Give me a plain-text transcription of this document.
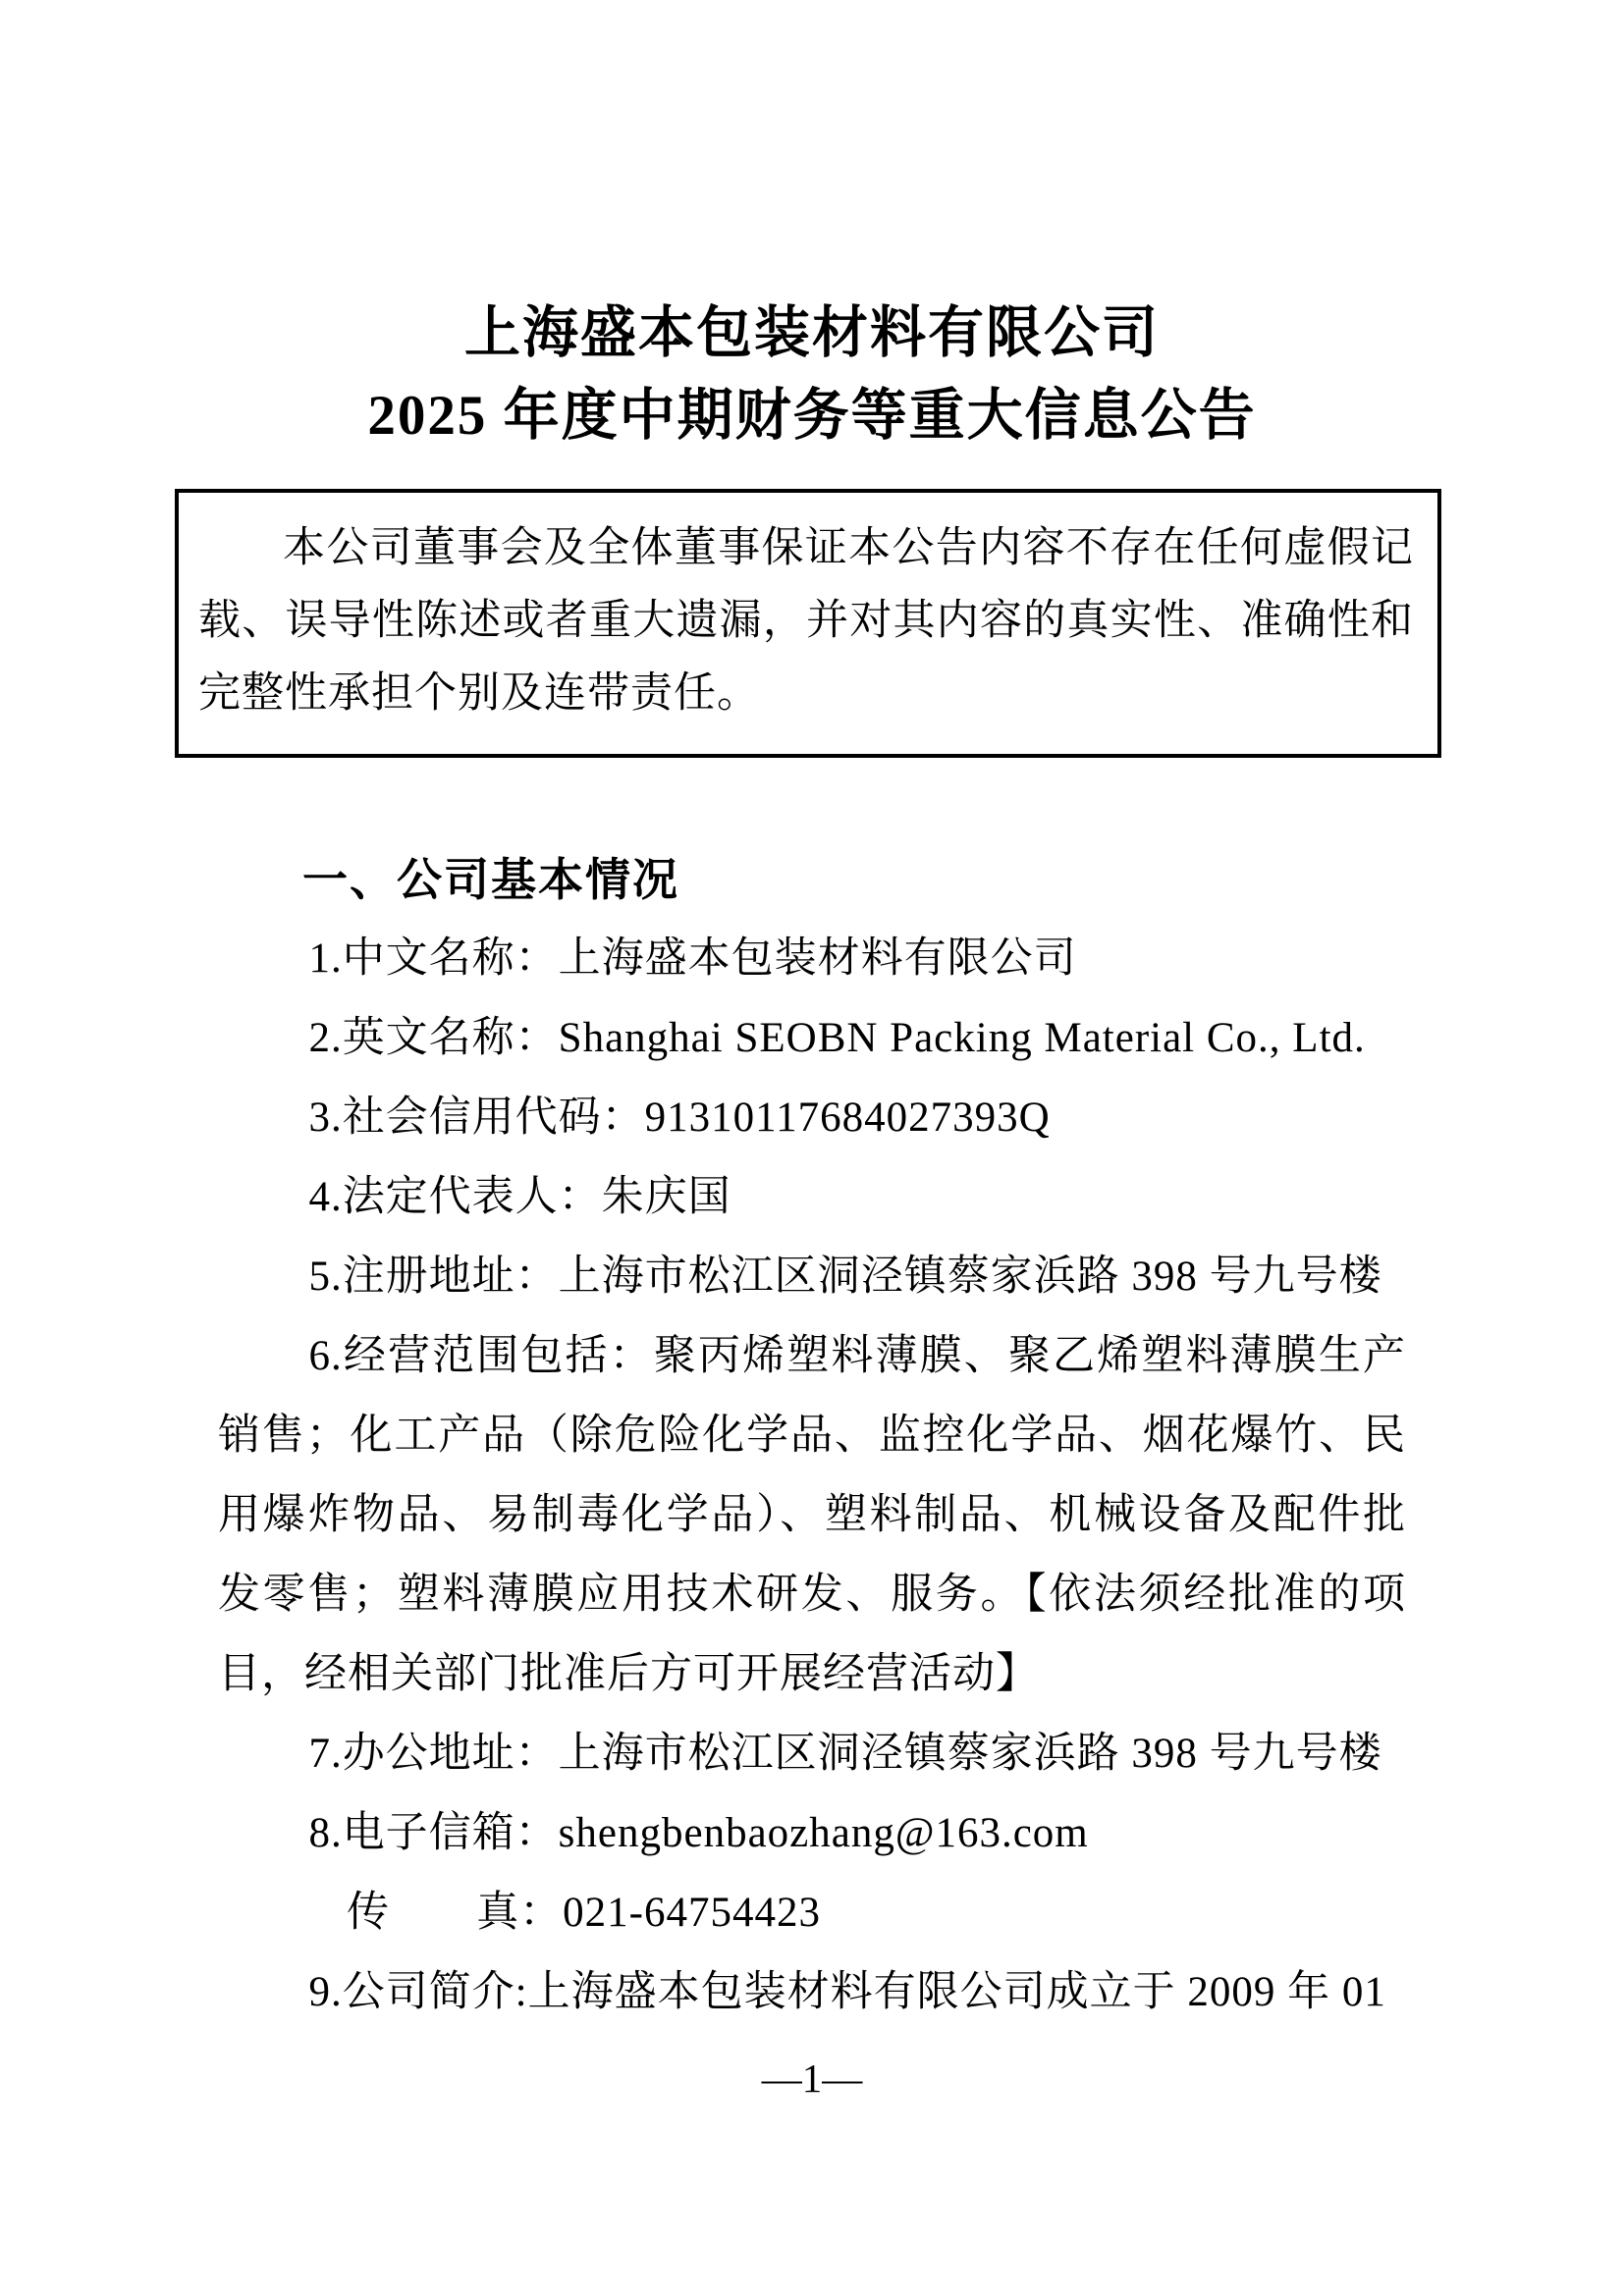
上海盛本包装材料有限公司
2025 年度中期财务等重大信息公告

本公司董事会及全体董事保证本公告内容不存在任何虚假记载、误导性陈述或者重大遗漏，并对其内容的真实性、准确性和完整性承担个别及连带责任。

一、公司基本情况

1.中文名称：上海盛本包装材料有限公司

2.英文名称：Shanghai SEOBN Packing Material Co., Ltd.

3.社会信用代码：91310117684027393Q

4.法定代表人：朱庆国

5.注册地址：上海市松江区洞泾镇蔡家浜路 398 号九号楼

6.经营范围包括：聚丙烯塑料薄膜、聚乙烯塑料薄膜生产销售；化工产品（除危险化学品、监控化学品、烟花爆竹、民用爆炸物品、易制毒化学品）、塑料制品、机械设备及配件批发零售；塑料薄膜应用技术研发、服务。【依法须经批准的项目，经相关部门批准后方可开展经营活动】

7.办公地址：上海市松江区洞泾镇蔡家浜路 398 号九号楼

8.电子信箱：shengbenbaozhang@163.com

传　　真：021-64754423

9.公司简介:上海盛本包装材料有限公司成立于 2009 年 01

—1—
